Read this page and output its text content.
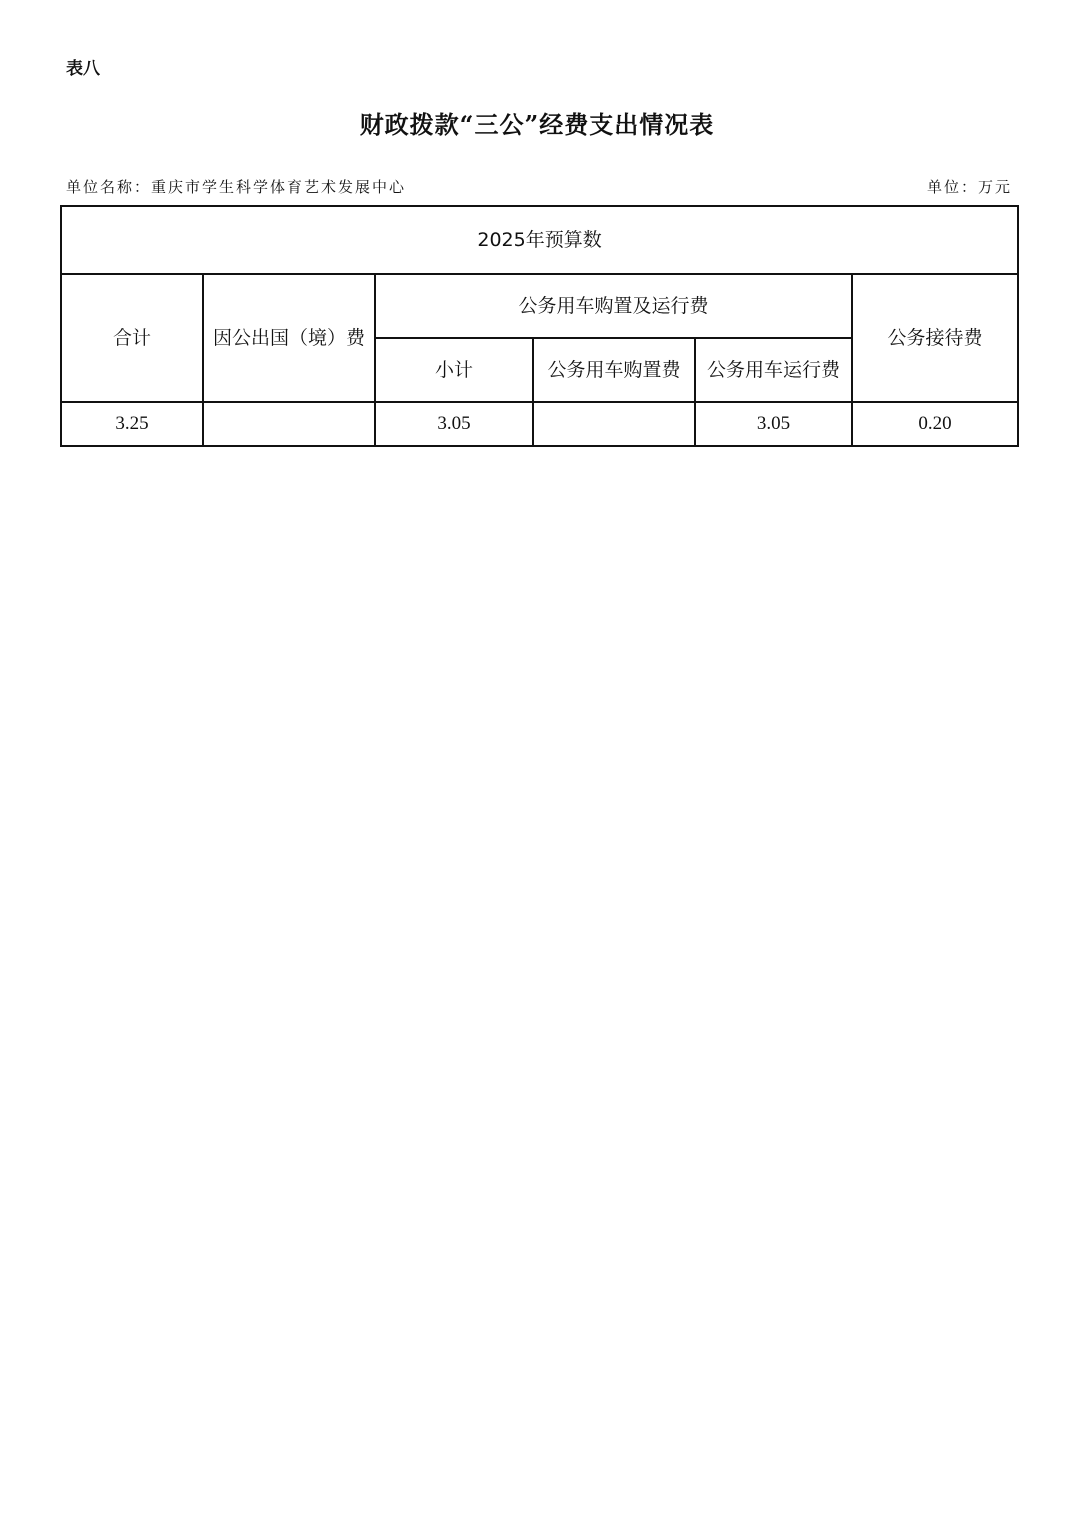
表八
财政拨款“三公”经费支出情况表
单位名称：重庆市学生科学体育艺术发展中心	单位：万元
2025年预算数					
合计	因公出国（境）费	公务用车购置及运行费			公务接待费
		小计	公务用车购置费	公务用车运行费	
3.25		3.05		3.05	0.20
